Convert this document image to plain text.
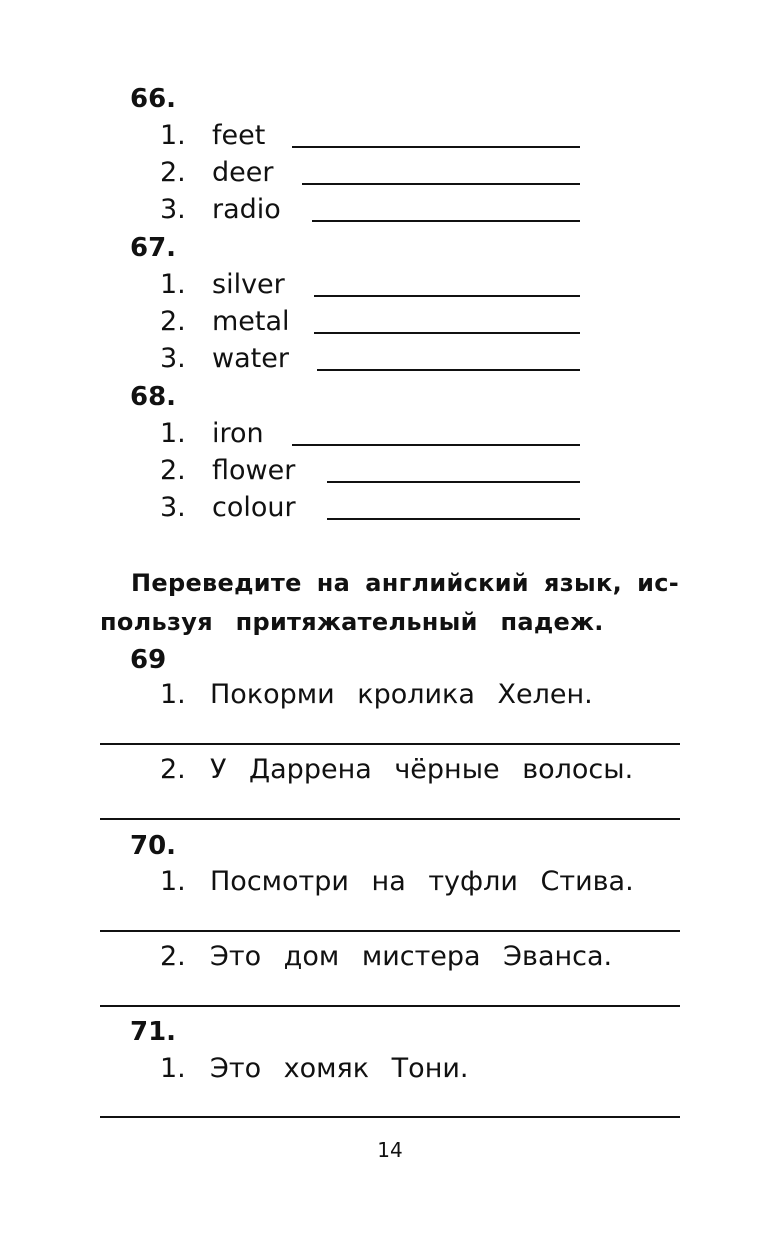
66.
1. feet
2. deer
3. radio
67.
1. silver
2. metal
3. water
68.
1. iron
2. flower
3. colour
Переведите на английский язык, ис-
пользуя притяжательный падеж.
69
1. Покорми кролика Хелен.
2. У Даррена чёрные волосы.
70.
1. Посмотри на туфли Стива.
2. Это дом мистера Эванса.
71.
1. Это хомяк Тони.
14
